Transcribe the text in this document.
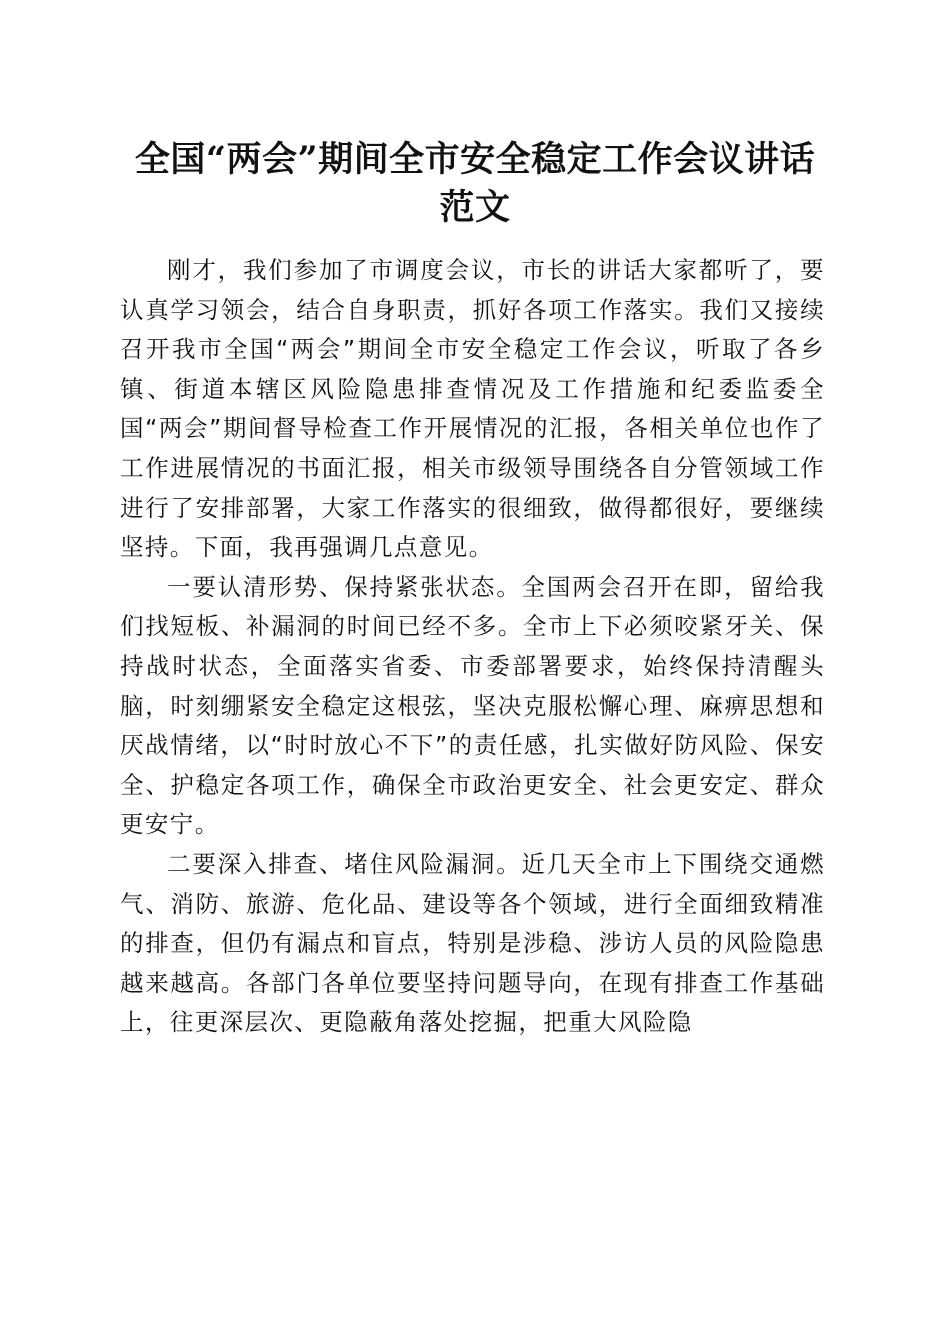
全国“两会”期间全市安全稳定工作会议讲话
范文

刚才，我们参加了市调度会议，市长的讲话大家都听了，要认真学习领会，结合自身职责，抓好各项工作落实。我们又接续召开我市全国“两会”期间全市安全稳定工作会议，听取了各乡镇、街道本辖区风险隐患排查情况及工作措施和纪委监委全国“两会”期间督导检查工作开展情况的汇报，各相关单位也作了工作进展情况的书面汇报，相关市级领导围绕各自分管领域工作进行了安排部署，大家工作落实的很细致，做得都很好，要继续坚持。下面，我再强调几点意见。

一要认清形势、保持紧张状态。全国两会召开在即，留给我们找短板、补漏洞的时间已经不多。全市上下必须咬紧牙关、保持战时状态，全面落实省委、市委部署要求，始终保持清醒头脑，时刻绷紧安全稳定这根弦，坚决克服松懈心理、麻痹思想和厌战情绪，以“时时放心不下”的责任感，扎实做好防风险、保安全、护稳定各项工作，确保全市政治更安全、社会更安定、群众更安宁。

二要深入排查、堵住风险漏洞。近几天全市上下围绕交通燃气、消防、旅游、危化品、建设等各个领域，进行全面细致精准的排查，但仍有漏点和盲点，特别是涉稳、涉访人员的风险隐患越来越高。各部门各单位要坚持问题导向，在现有排查工作基础上，往更深层次、更隐蔽角落处挖掘，把重大风险隐
